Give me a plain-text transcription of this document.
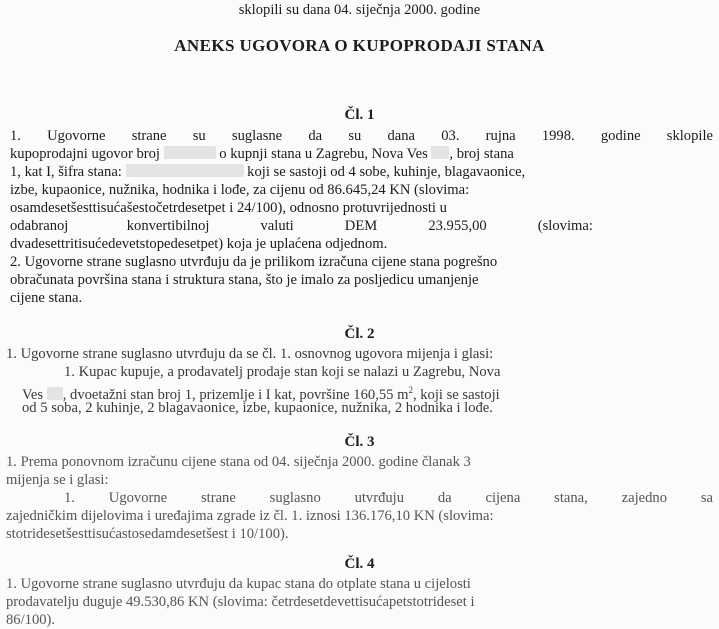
sklopili su dana 04. siječnja 2000. godine
ANEKS UGOVORA O KUPOPRODAJI STANA
Čl. 1
1. Ugovorne strane su suglasne da su dana 03. rujna 1998. godine sklopile
kupoprodajni ugovor broj	o kupnji stana u Zagrebu, Nova Ves , broj stana
1, kat I, šifra stana:	koji se sastoji od 4 sobe, kuhinje, blagavaonice,
izbe, kupaonice, nužnika, hodnika i lođe, za cijenu od 86.645,24 KN (slovima:
osamdesetšesttisućašestočetrdesetpet i 24/100), odnosno protuvrijednosti u
odabranoj                konvertibilnoj              valuti              DEM              23.955,00              (slovima:
dvadesettritisućedevetstopedesetpet) koja je uplaćena odjednom.
2. Ugovorne strane suglasno utvrđuju da je prilikom izračuna cijene stana pogrešno
obračunata površina stana i struktura stana, što je imalo za posljedicu umanjenje
cijene stana.
Čl. 2
1. Ugovorne strane suglasno utvrđuju da se čl. 1. osnovnog ugovora mijenja i glasi:
1. Kupac kupuje, a prodavatelj prodaje stan koji se nalazi u Zagrebu, Nova
Ves , dvoetažni stan broj 1, prizemlje i I kat, površine 160,55 $m^2$, koji se sastoji
od 5 soba, 2 kuhinje, 2 blagavaonice, izbe, kupaonice, nužnika, 2 hodnika i lođe.
Čl. 3
1. Prema ponovnom izračunu cijene stana od 04. siječnja 2000. godine članak 3
mijenja se i glasi:
1. Ugovorne strane suglasno utvrđuju da cijena stana, zajedno sa
zajedničkim dijelovima i uređajima zgrade iz čl. 1. iznosi 136.176,10 KN (slovima:
stotridesetšesttisućastosedamdesetšest i 10/100).
Čl. 4
1. Ugovorne strane suglasno utvrđuju da kupac stana do otplate stana u cijelosti
prodavatelju duguje 49.530,86 KN (slovima: četrdesetdevettisućapetstotrideset i
86/100).
